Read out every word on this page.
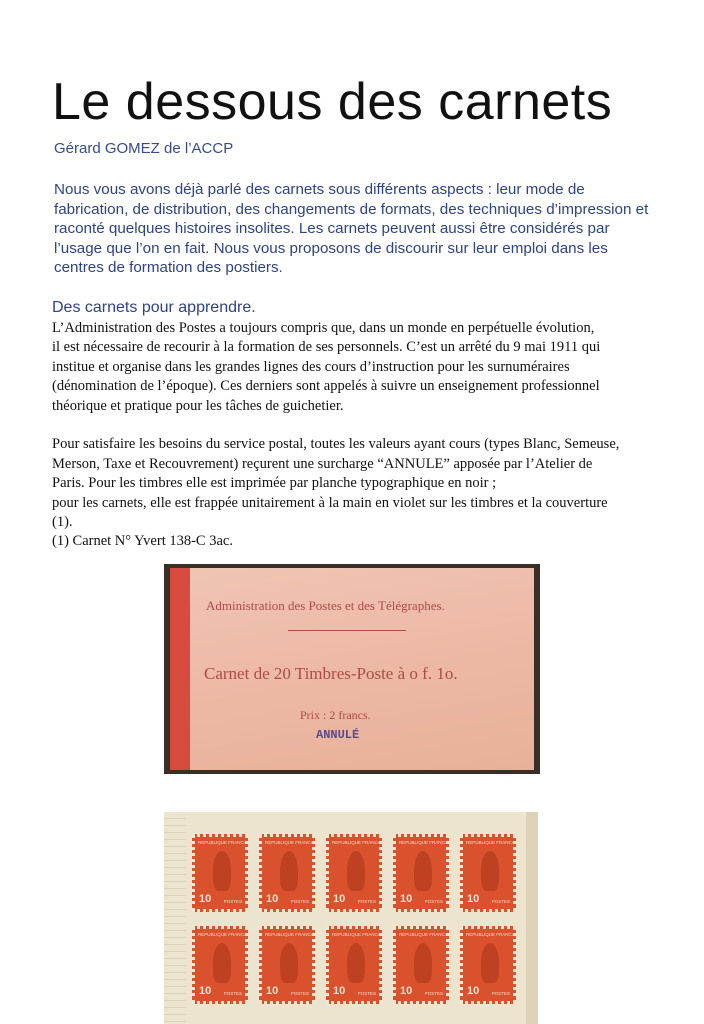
Le dessous des carnets
Gérard GOMEZ de l’ACCP
Nous vous avons déjà parlé des carnets sous différents aspects : leur mode de
fabrication, de distribution, des changements de formats, des techniques d’impression et
raconté quelques histoires insolites. Les carnets peuvent aussi être considérés par
l’usage que l’on en fait. Nous vous proposons de discourir sur leur emploi dans les
centres de formation des postiers.
Des carnets pour apprendre.
L’Administration des Postes a toujours compris que, dans un monde en perpétuelle évolution,
il est nécessaire de recourir à la formation de ses personnels. C’est un arrêté du 9 mai 1911 qui
institue et organise dans les grandes lignes des cours d’instruction pour les surnuméraires
(dénomination de l’époque). Ces derniers sont appelés à suivre un enseignement professionnel
théorique et pratique pour les tâches de guichetier.
Pour satisfaire les besoins du service postal, toutes les valeurs ayant cours (types Blanc, Semeuse,
Merson, Taxe et Recouvrement) reçurent une surcharge “ANNULE” apposée par l’Atelier de
Paris. Pour les timbres elle est imprimée par planche typographique en noir ;
pour les carnets, elle est frappée unitairement à la main en violet sur les timbres et la couverture
(1).
(1) Carnet N° Yvert 138-C 3ac.
Administration des Postes et des Télégraphes.
Carnet de 20 Timbres-Poste à o f. 1o.
Prix : 2 francs.
ANNULÉ
REPUBLIQUE FRANCAISE
10	POSTES
REPUBLIQUE FRANCAISE
10	POSTES
REPUBLIQUE FRANCAISE
10	POSTES
REPUBLIQUE FRANCAISE
10	POSTES
REPUBLIQUE FRANCAISE
10	POSTES
REPUBLIQUE FRANCAISE
10	POSTES
REPUBLIQUE FRANCAISE
10	POSTES
REPUBLIQUE FRANCAISE
10	POSTES
REPUBLIQUE FRANCAISE
10	POSTES
REPUBLIQUE FRANCAISE
10	POSTES
